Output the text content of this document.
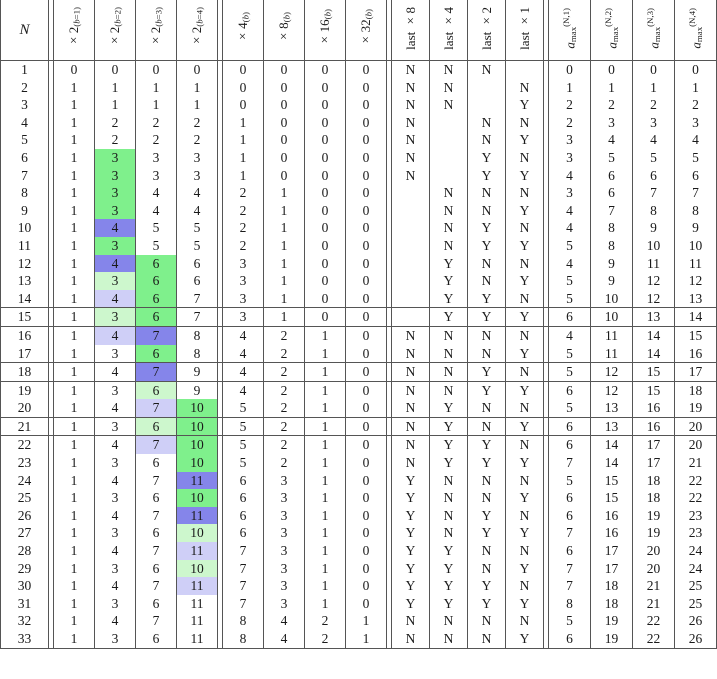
N		$\times 2_{(b=1)}$	$\times 2_{(b=2)}$	$\times 2_{(b=3)}$	$\times 2_{(b=4)}$		$\times 4_{(b)}$	$\times 8_{(b)}$	$\times 16_{(b)}$	$\times 32_{(b)}$		last ×8	last ×4	last ×2	last ×1		$a_{max}^{(N,1)}$	$a_{max}^{(N,2)}$	$a_{max}^{(N,3)}$	$a_{max}^{(N,4)}$

1		0	0	0	0		0	0	0	0		N	N	N			0	0	0	0
2		1	1	1	1		0	0	0	0		N	N		N		1	1	1	1
3		1	1	1	1		0	0	0	0		N	N		Y		2	2	2	2
4		1	2	2	2		1	0	0	0		N		N	N		2	3	3	3
5		1	2	2	2		1	0	0	0		N		N	Y		3	4	4	4
6		1	3	3	3		1	0	0	0		N		Y	N		3	5	5	5
7		1	3	3	3		1	0	0	0		N		Y	Y		4	6	6	6
8		1	3	4	4		2	1	0	0			N	N	N		3	6	7	7
9		1	3	4	4		2	1	0	0			N	N	Y		4	7	8	8
10		1	4	5	5		2	1	0	0			N	Y	N		4	8	9	9
11		1	3	5	5		2	1	0	0			N	Y	Y		5	8	10	10
12		1	4	6	6		3	1	0	0			Y	N	N		4	9	11	11
13		1	3	6	6		3	1	0	0			Y	N	Y		5	9	12	12
14		1	4	6	7		3	1	0	0			Y	Y	N		5	10	12	13
15		1	3	6	7		3	1	0	0			Y	Y	Y		6	10	13	14
16		1	4	7	8		4	2	1	0		N	N	N	N		4	11	14	15
17		1	3	6	8		4	2	1	0		N	N	N	Y		5	11	14	16
18		1	4	7	9		4	2	1	0		N	N	Y	N		5	12	15	17
19		1	3	6	9		4	2	1	0		N	N	Y	Y		6	12	15	18
20		1	4	7	10		5	2	1	0		N	Y	N	N		5	13	16	19
21		1	3	6	10		5	2	1	0		N	Y	N	Y		6	13	16	20
22		1	4	7	10		5	2	1	0		N	Y	Y	N		6	14	17	20
23		1	3	6	10		5	2	1	0		N	Y	Y	Y		7	14	17	21
24		1	4	7	11		6	3	1	0		Y	N	N	N		5	15	18	22
25		1	3	6	10		6	3	1	0		Y	N	N	Y		6	15	18	22
26		1	4	7	11		6	3	1	0		Y	N	Y	N		6	16	19	23
27		1	3	6	10		6	3	1	0		Y	N	Y	Y		7	16	19	23
28		1	4	7	11		7	3	1	0		Y	Y	N	N		6	17	20	24
29		1	3	6	10		7	3	1	0		Y	Y	N	Y		7	17	20	24
30		1	4	7	11		7	3	1	0		Y	Y	Y	N		7	18	21	25
31		1	3	6	11		7	3	1	0		Y	Y	Y	Y		8	18	21	25
32		1	4	7	11		8	4	2	1		N	N	N	N		5	19	22	26
33		1	3	6	11		8	4	2	1		N	N	N	Y		6	19	22	26
